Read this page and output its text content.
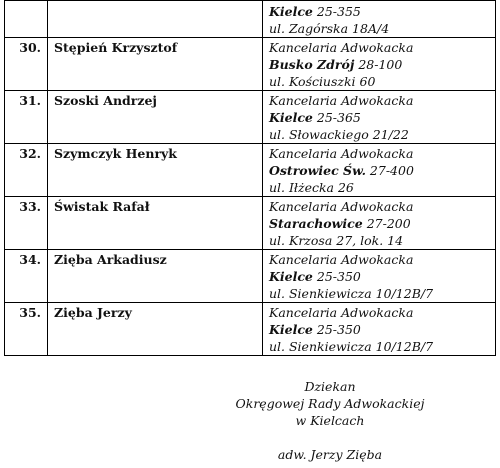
		Kielce 25-355
ul. Zagórska 18A/4

30.	Stępień Krzysztof	Kancelaria Adwokacka
Busko Zdrój 28-100
ul. Kościuszki 60

31.	Szoski Andrzej	Kancelaria Adwokacka
Kielce 25-365
ul. Słowackiego 21/22

32.	Szymczyk Henryk	Kancelaria Adwokacka
Ostrowiec Św. 27-400
ul. Iłżecka 26

33.	Świstak Rafał	Kancelaria Adwokacka
Starachowice 27-200
ul. Krzosa 27, lok. 14

34.	Zięba Arkadiusz	Kancelaria Adwokacka
Kielce 25-350
ul. Sienkiewicza 10/12B/7

35.	Zięba Jerzy	Kancelaria Adwokacka
Kielce 25-350
ul. Sienkiewicza 10/12B/7
Dziekan
Okręgowej Rady Adwokackiej
w Kielcach
adw. Jerzy Zięba
